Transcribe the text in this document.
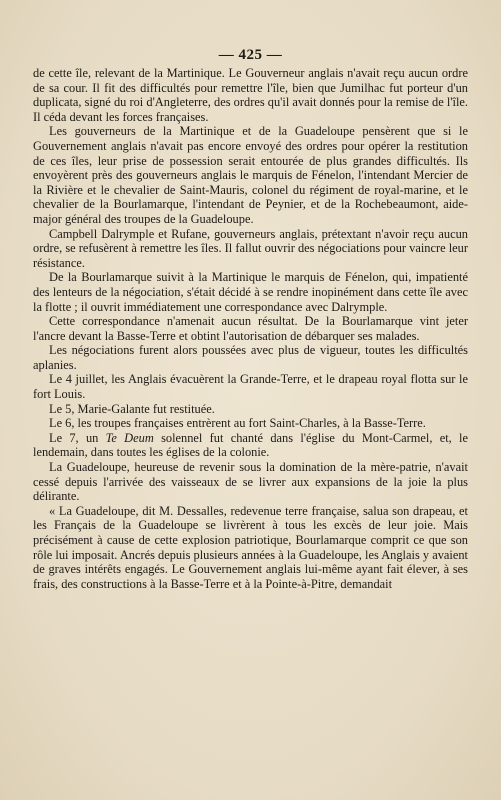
— 425 —

de cette île, relevant de la Martinique. Le Gouverneur anglais n'avait reçu aucun ordre de sa cour. Il fit des difficultés pour remettre l'île, bien que Jumilhac fut porteur d'un duplicata, signé du roi d'Angleterre, des ordres qu'il avait donnés pour la remise de l'île. Il céda devant les forces françaises.

Les gouverneurs de la Martinique et de la Guadeloupe pensèrent que si le Gouvernement anglais n'avait pas encore envoyé des ordres pour opérer la restitution de ces îles, leur prise de possession serait entourée de plus grandes difficultés. Ils envoyèrent près des gouverneurs anglais le marquis de Fénelon, l'intendant Mercier de la Rivière et le chevalier de Saint-Mauris, colonel du régiment de royal-marine, et le chevalier de la Bourlamarque, l'intendant de Peynier, et de la Rochebeaumont, aide-major général des troupes de la Guadeloupe.

Campbell Dalrymple et Rufane, gouverneurs anglais, prétextant n'avoir reçu aucun ordre, se refusèrent à remettre les îles. Il fallut ouvrir des négociations pour vaincre leur résistance.

De la Bourlamarque suivit à la Martinique le marquis de Fénelon, qui, impatienté des lenteurs de la négociation, s'était décidé à se rendre inopinément dans cette île avec la flotte ; il ouvrit immédiatement une correspondance avec Dalrymple.

Cette correspondance n'amenait aucun résultat. De la Bourlamarque vint jeter l'ancre devant la Basse-Terre et obtint l'autorisation de débarquer ses malades.

Les négociations furent alors poussées avec plus de vigueur, toutes les difficultés aplanies.

Le 4 juillet, les Anglais évacuèrent la Grande-Terre, et le drapeau royal flotta sur le fort Louis.

Le 5, Marie-Galante fut restituée.

Le 6, les troupes françaises entrèrent au fort Saint-Charles, à la Basse-Terre.

Le 7, un Te Deum solennel fut chanté dans l'église du Mont-Carmel, et, le lendemain, dans toutes les églises de la colonie.

La Guadeloupe, heureuse de revenir sous la domination de la mère-patrie, n'avait cessé depuis l'arrivée des vaisseaux de se livrer aux expansions de la joie la plus délirante.

« La Guadeloupe, dit M. Dessalles, redevenue terre française, salua son drapeau, et les Français de la Guadeloupe se livrèrent à tous les excès de leur joie. Mais précisément à cause de cette explosion patriotique, Bourlamarque comprit ce que son rôle lui imposait. Ancrés depuis plusieurs années à la Guadeloupe, les Anglais y avaient de graves intérêts engagés. Le Gouvernement anglais lui-même ayant fait élever, à ses frais, des constructions à la Basse-Terre et à la Pointe-à-Pitre, demandait
